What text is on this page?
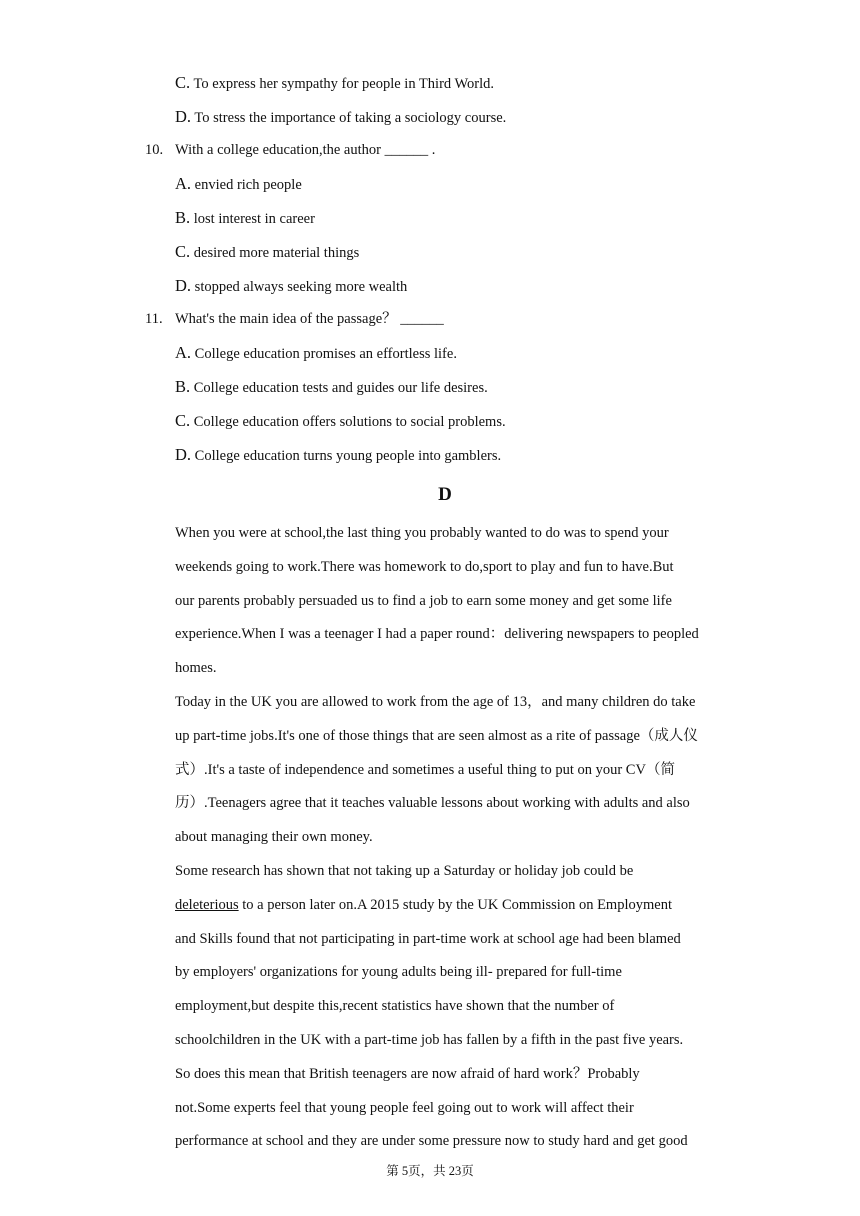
C. To express her sympathy for people in Third World.
D. To stress the importance of taking a sociology course.
10. With a college education,the author ______ .
A. envied rich people
B. lost interest in career
C. desired more material things
D. stopped always seeking more wealth
11. What's the main idea of the passage？ ______
A. College education promises an effortless life.
B. College education tests and guides our life desires.
C. College education offers solutions to social problems.
D. College education turns young people into gamblers.
D
When you were at school,the last thing you probably wanted to do was to spend your
weekends going to work.There was homework to do,sport to play and fun to have.But
our parents probably persuaded us to find a job to earn some money and get some life
experience.When I was a teenager I had a paper round：delivering newspapers to peopled
homes.
Today in the UK you are allowed to work from the age of 13，and many children do take
up part-time jobs.It's one of those things that are seen almost as a rite of passage（成人仪
式）.It's a taste of independence and sometimes a useful thing to put on your CV（简
历）.Teenagers agree that it teaches valuable lessons about working with adults and also
about managing their own money.
Some research has shown that not taking up a Saturday or holiday job could be
deleterious to a person later on.A 2015 study by the UK Commission on Employment
and Skills found that not participating in part-time work at school age had been blamed
by employers' organizations for young adults being ill- prepared for full-time
employment,but despite this,recent statistics have shown that the number of
schoolchildren in the UK with a part-time job has fallen by a fifth in the past five years.
So does this mean that British teenagers are now afraid of hard work？Probably
not.Some experts feel that young people feel going out to work will affect their
performance at school and they are under some pressure now to study hard and get good
第 5页，共 23页
